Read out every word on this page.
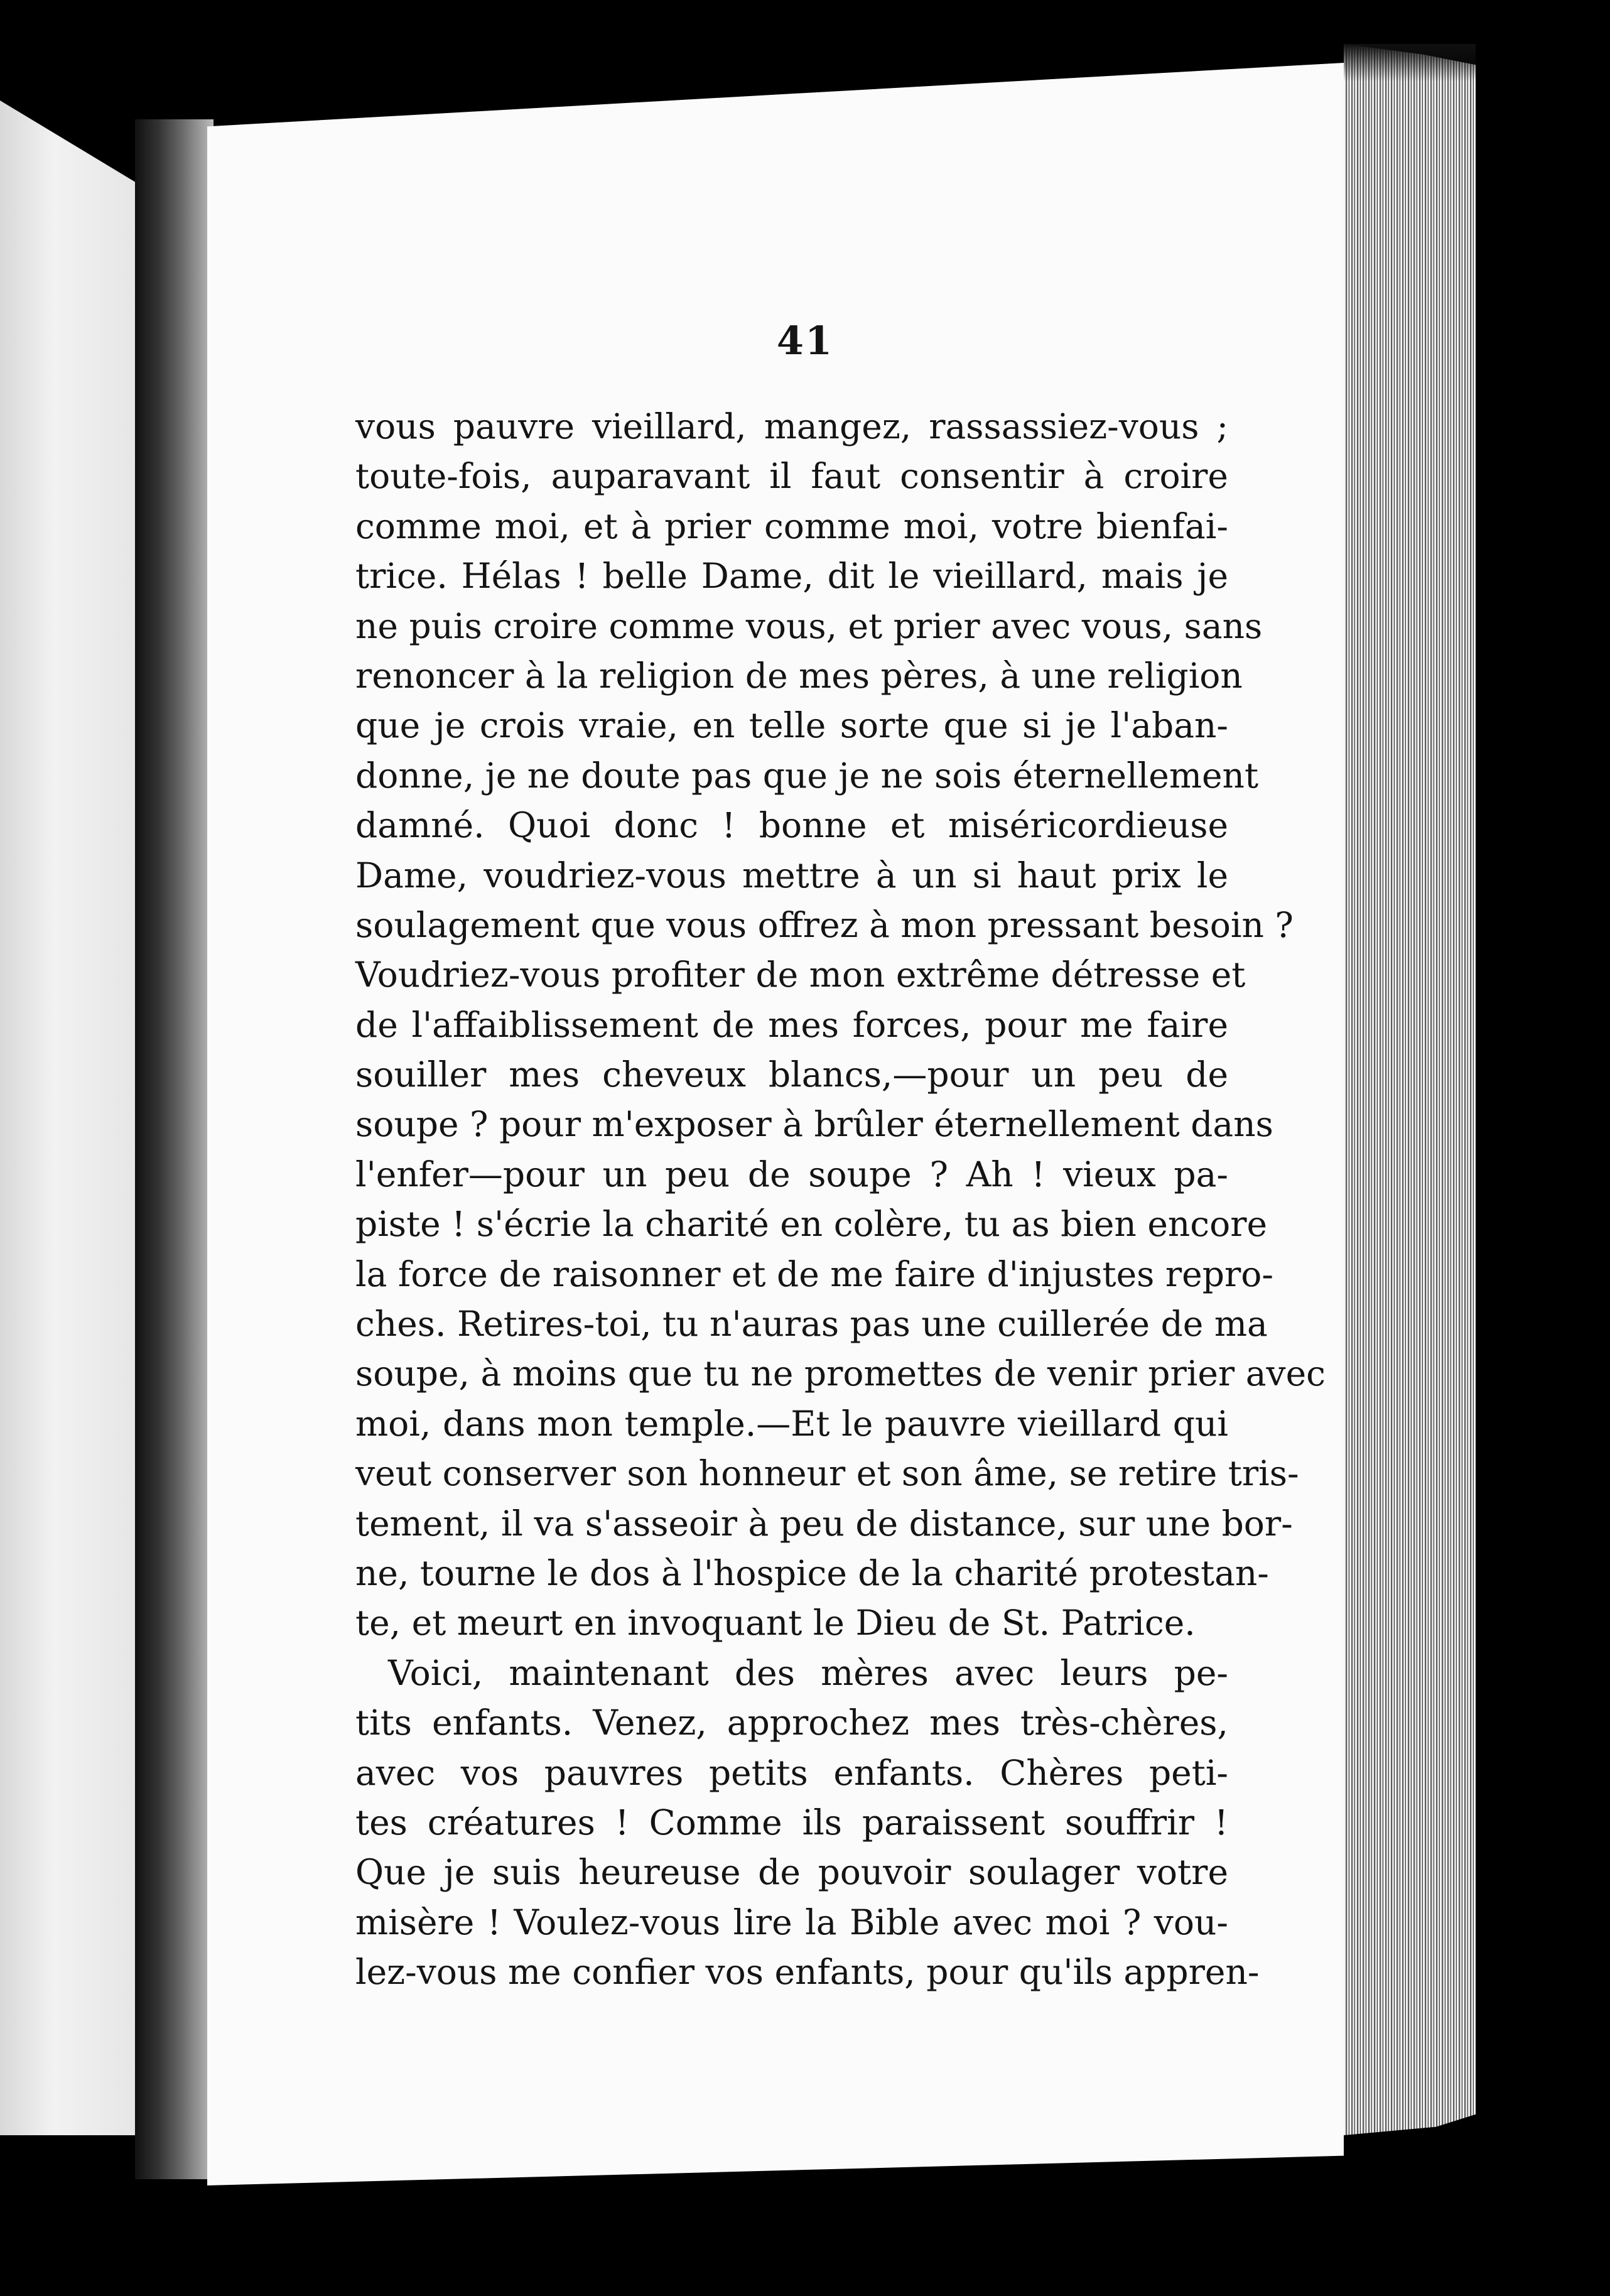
41
vous pauvre vieillard, mangez, rassassiez-vous ;
toute-fois, auparavant il faut consentir à croire
comme moi, et à prier comme moi, votre bienfai-
trice. Hélas ! belle Dame, dit le vieillard, mais je
ne puis croire comme vous, et prier avec vous, sans
renoncer à la religion de mes pères, à une religion
que je crois vraie, en telle sorte que si je l'aban-
donne, je ne doute pas que je ne sois éternellement
damné. Quoi donc ! bonne et miséricordieuse
Dame, voudriez-vous mettre à un si haut prix le
soulagement que vous offrez à mon pressant besoin ?
Voudriez-vous profiter de mon extrême détresse et
de l'affaiblissement de mes forces, pour me faire
souiller mes cheveux blancs,—pour un peu de
soupe ? pour m'exposer à brûler éternellement dans
l'enfer—pour un peu de soupe ? Ah ! vieux pa-
piste ! s'écrie la charité en colère, tu as bien encore
la force de raisonner et de me faire d'injustes repro-
ches. Retires-toi, tu n'auras pas une cuillerée de ma
soupe, à moins que tu ne promettes de venir prier avec
moi, dans mon temple.—Et le pauvre vieillard qui
veut conserver son honneur et son âme, se retire tris-
tement, il va s'asseoir à peu de distance, sur une bor-
ne, tourne le dos à l'hospice de la charité protestan-
te, et meurt en invoquant le Dieu de St. Patrice.
Voici, maintenant des mères avec leurs pe-
tits enfants. Venez, approchez mes très-chères,
avec vos pauvres petits enfants. Chères peti-
tes créatures ! Comme ils paraissent souffrir !
Que je suis heureuse de pouvoir soulager votre
misère ! Voulez-vous lire la Bible avec moi ? vou-
lez-vous me confier vos enfants, pour qu'ils appren-
